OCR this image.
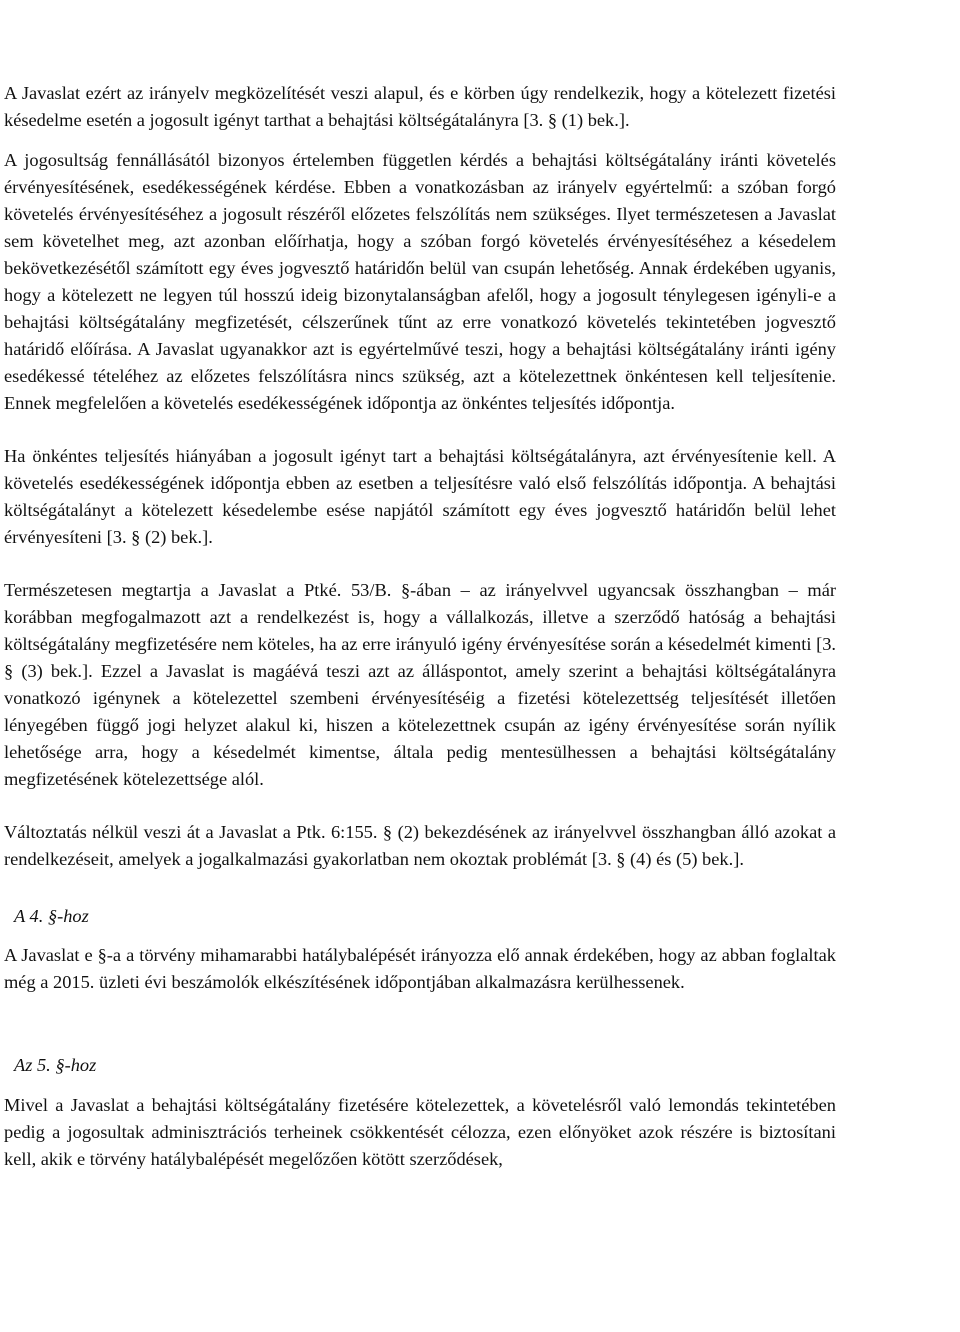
A Javaslat ezért az irányelv megközelítését veszi alapul, és e körben úgy rendelkezik, hogy a kötelezett fizetési késedelme esetén a jogosult igényt tarthat a behajtási költségátalányra [3. § (1) bek.].

A jogosultság fennállásától bizonyos értelemben független kérdés a behajtási költségátalány iránti követelés érvényesítésének, esedékességének kérdése. Ebben a vonatkozásban az irányelv egyértelmű: a szóban forgó követelés érvényesítéséhez a jogosult részéről előzetes felszólítás nem szükséges. Ilyet természetesen a Javaslat sem követelhet meg, azt azonban előírhatja, hogy a szóban forgó követelés érvényesítéséhez a késedelem bekövetkezésétől számított egy éves jogvesztő határidőn belül van csupán lehetőség. Annak érdekében ugyanis, hogy a kötelezett ne legyen túl hosszú ideig bizonytalanságban afelől, hogy a jogosult ténylegesen igényli-e a behajtási költségátalány megfizetését, célszerűnek tűnt az erre vonatkozó követelés tekintetében jogvesztő határidő előírása. A Javaslat ugyanakkor azt is egyértelművé teszi, hogy a behajtási költségátalány iránti igény esedékessé tételéhez az előzetes felszólításra nincs szükség, azt a kötelezettnek önkéntesen kell teljesítenie. Ennek megfelelően a követelés esedékességének időpontja az önkéntes teljesítés időpontja.

Ha önkéntes teljesítés hiányában a jogosult igényt tart a behajtási költségátalányra, azt érvényesítenie kell. A követelés esedékességének időpontja ebben az esetben a teljesítésre való első felszólítás időpontja. A behajtási költségátalányt a kötelezett késedelembe esése napjától számított egy éves jogvesztő határidőn belül lehet érvényesíteni [3. § (2) bek.].

Természetesen megtartja a Javaslat a Ptké. 53/B. §-ában – az irányelvvel ugyancsak összhangban – már korábban megfogalmazott azt a rendelkezést is, hogy a vállalkozás, illetve a szerződő hatóság a behajtási költségátalány megfizetésére nem köteles, ha az erre irányuló igény érvényesítése során a késedelmét kimenti [3. § (3) bek.]. Ezzel a Javaslat is magáévá teszi azt az álláspontot, amely szerint a behajtási költségátalányra vonatkozó igénynek a kötelezettel szembeni érvényesítéséig a fizetési kötelezettség teljesítését illetően lényegében függő jogi helyzet alakul ki, hiszen a kötelezettnek csupán az igény érvényesítése során nyílik lehetősége arra, hogy a késedelmét kimentse, általa pedig mentesülhessen a behajtási költségátalány megfizetésének kötelezettsége alól.

Változtatás nélkül veszi át a Javaslat a Ptk. 6:155. § (2) bekezdésének az irányelvvel összhangban álló azokat a rendelkezéseit, amelyek a jogalkalmazási gyakorlatban nem okoztak problémát [3. § (4) és (5) bek.].

A 4. §-hoz

A Javaslat e §-a a törvény mihamarabbi hatálybalépését irányozza elő annak érdekében, hogy az abban foglaltak még a 2015. üzleti évi beszámolók elkészítésének időpontjában alkalmazásra kerülhessenek.

Az 5. §-hoz

Mivel a Javaslat a behajtási költségátalány fizetésére kötelezettek, a követelésről való lemondás tekintetében pedig a jogosultak adminisztrációs terheinek csökkentését célozza, ezen előnyöket azok részére is biztosítani kell, akik e törvény hatálybalépését megelőzően kötött szerződések,
